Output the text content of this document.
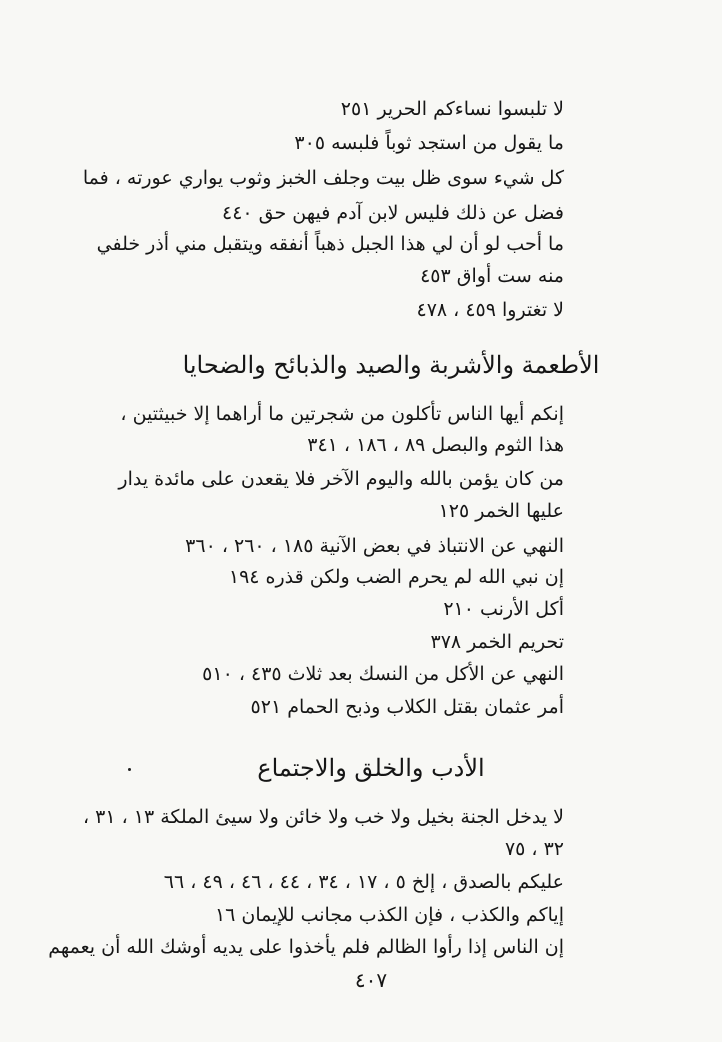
لا تلبسوا نساءكم الحرير ٢٥١
ما يقول من استجد ثوباً فلبسه ٣٠٥
كل شيء سوى ظل بيت وجلف الخبز وثوب يواري عورته ، فما
فضل عن ذلك فليس لابن آدم فيهن حق ٤٤٠
ما أحب لو أن لي هذا الجبل ذهباً أنفقه ويتقبل مني أذر خلفي
منه ست أواق ٤٥٣
لا تغتروا ٤٥٩ ، ٤٧٨
الأطعمة والأشربة والصيد والذبائح والضحايا
إنكم أيها الناس تأكلون من شجرتين ما أراهما إلا خبيثتين ،
هذا الثوم والبصل ٨٩ ، ١٨٦ ، ٣٤١
من كان يؤمن بالله واليوم الآخر فلا يقعدن على مائدة يدار
عليها الخمر ١٢٥
النهي عن الانتباذ في بعض الآنية ١٨٥ ، ٢٦٠ ، ٣٦٠
إن نبي الله لم يحرم الضب ولكن قذره ١٩٤
أكل الأرنب ٢١٠
تحريم الخمر ٣٧٨
النهي عن الأكل من النسك بعد ثلاث ٤٣٥ ، ٥١٠
أمر عثمان بقتل الكلاب وذبح الحمام ٥٢١
الأدب والخلق والاجتماع
لا يدخل الجنة بخيل ولا خب ولا خائن ولا سيئ الملكة ١٣ ، ٣١ ،
٣٢ ، ٧٥
عليكم بالصدق ، إلخ ٥ ، ١٧ ، ٣٤ ، ٤٤ ، ٤٦ ، ٤٩ ، ٦٦
إياكم والكذب ، فإن الكذب مجانب للإيمان ١٦
إن الناس إذا رأوا الظالم فلم يأخذوا على يديه أوشك الله أن يعمهم
٤٠٧
